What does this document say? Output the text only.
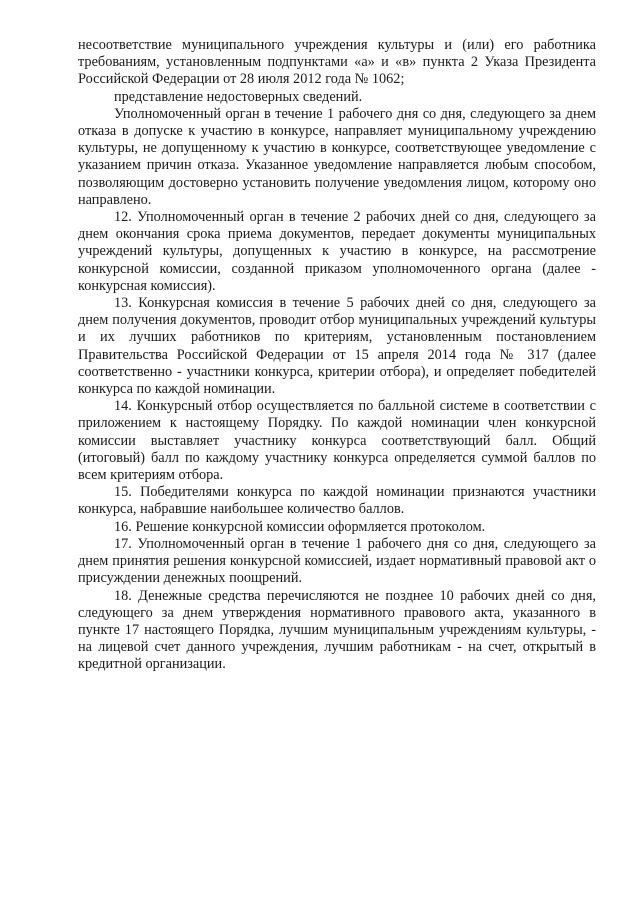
несоответствие муниципального учреждения культуры и (или) его работника требованиям, установленным подпунктами «а» и «в» пункта 2 Указа Президента Российской Федерации от 28 июля 2012 года № 1062;

представление недостоверных сведений.

Уполномоченный орган в течение 1 рабочего дня со дня, следующего за днем отказа в допуске к участию в конкурсе, направляет муниципальному учреждению культуры, не допущенному к участию в конкурсе, соответствующее уведомление с указанием причин отказа. Указанное уведомление направляется любым способом, позволяющим достоверно установить получение уведомления лицом, которому оно направлено.

12. Уполномоченный орган в течение 2 рабочих дней со дня, следующего за днем окончания срока приема документов, передает документы муниципальных учреждений культуры, допущенных к участию в конкурсе, на рассмотрение конкурсной комиссии, созданной приказом уполномоченного органа (далее - конкурсная комиссия).

13. Конкурсная комиссия в течение 5 рабочих дней со дня, следующего за днем получения документов, проводит отбор муниципальных учреждений культуры и их лучших работников по критериям, установленным постановлением Правительства Российской Федерации от 15 апреля 2014 года № 317 (далее соответственно - участники конкурса, критерии отбора), и определяет победителей конкурса по каждой номинации.

14. Конкурсный отбор осуществляется по балльной системе в соответствии с приложением к настоящему Порядку. По каждой номинации член конкурсной комиссии выставляет участнику конкурса соответствующий балл. Общий (итоговый) балл по каждому участнику конкурса определяется суммой баллов по всем критериям отбора.

15. Победителями конкурса по каждой номинации признаются участники конкурса, набравшие наибольшее количество баллов.

16. Решение конкурсной комиссии оформляется протоколом.

17. Уполномоченный орган в течение 1 рабочего дня со дня, следующего за днем принятия решения конкурсной комиссией, издает нормативный правовой акт о присуждении денежных поощрений.

18. Денежные средства перечисляются не позднее 10 рабочих дней со дня, следующего за днем утверждения нормативного правового акта, указанного в пункте 17 настоящего Порядка, лучшим муниципальным учреждениям культуры, - на лицевой счет данного учреждения, лучшим работникам - на счет, открытый в кредитной организации.
